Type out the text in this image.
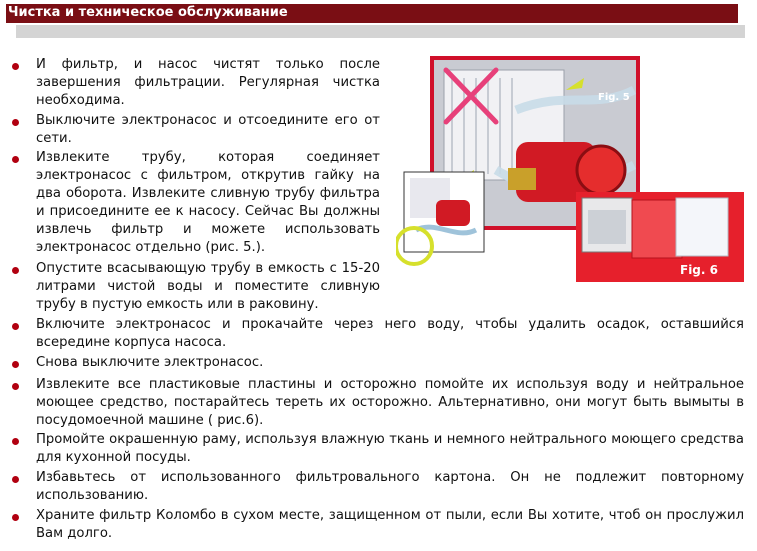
Чистка и техническое обслуживание
И фильтр, и насос чистят только после завершения фильтрации. Регулярная чистка необходима.
Выключите электронасос и отсоедините его от сети.
Извлеките трубу, которая соединяет электронасос с фильтром, открутив гайку на два оборота. Извлеките сливную трубу фильтра и присоедините ее к насосу. Сейчас Вы должны извлечь фильтр и можете использовать электронасос отдельно (рис. 5.).
Опустите всасывающую трубу в емкость с 15-20 литрами чистой воды и поместите сливную трубу в пустую емкость или в раковину.
Включите электронасос и прокачайте через него воду, чтобы удалить осадок, оставшийся всередине корпуса насоса.
Снова выключите электронасос.
Извлеките все пластиковые пластины и осторожно помойте их используя воду и нейтральное моющее средство, постарайтесь тереть их осторожно. Альтернативно, они могут быть вымыты в посудомоечной машине ( рис.6).
Промойте окрашенную раму, используя влажную ткань и немного нейтрального моющего средства для кухонной посуды.
Избавьтесь от использованного фильтровального картона. Он не подлежит повторному использованию.
Храните фильтр Коломбо в сухом месте, защищенном от пыли, если Вы хотите, чтоб он прослужил Вам долго.
Fig. 5
Fig. 6
